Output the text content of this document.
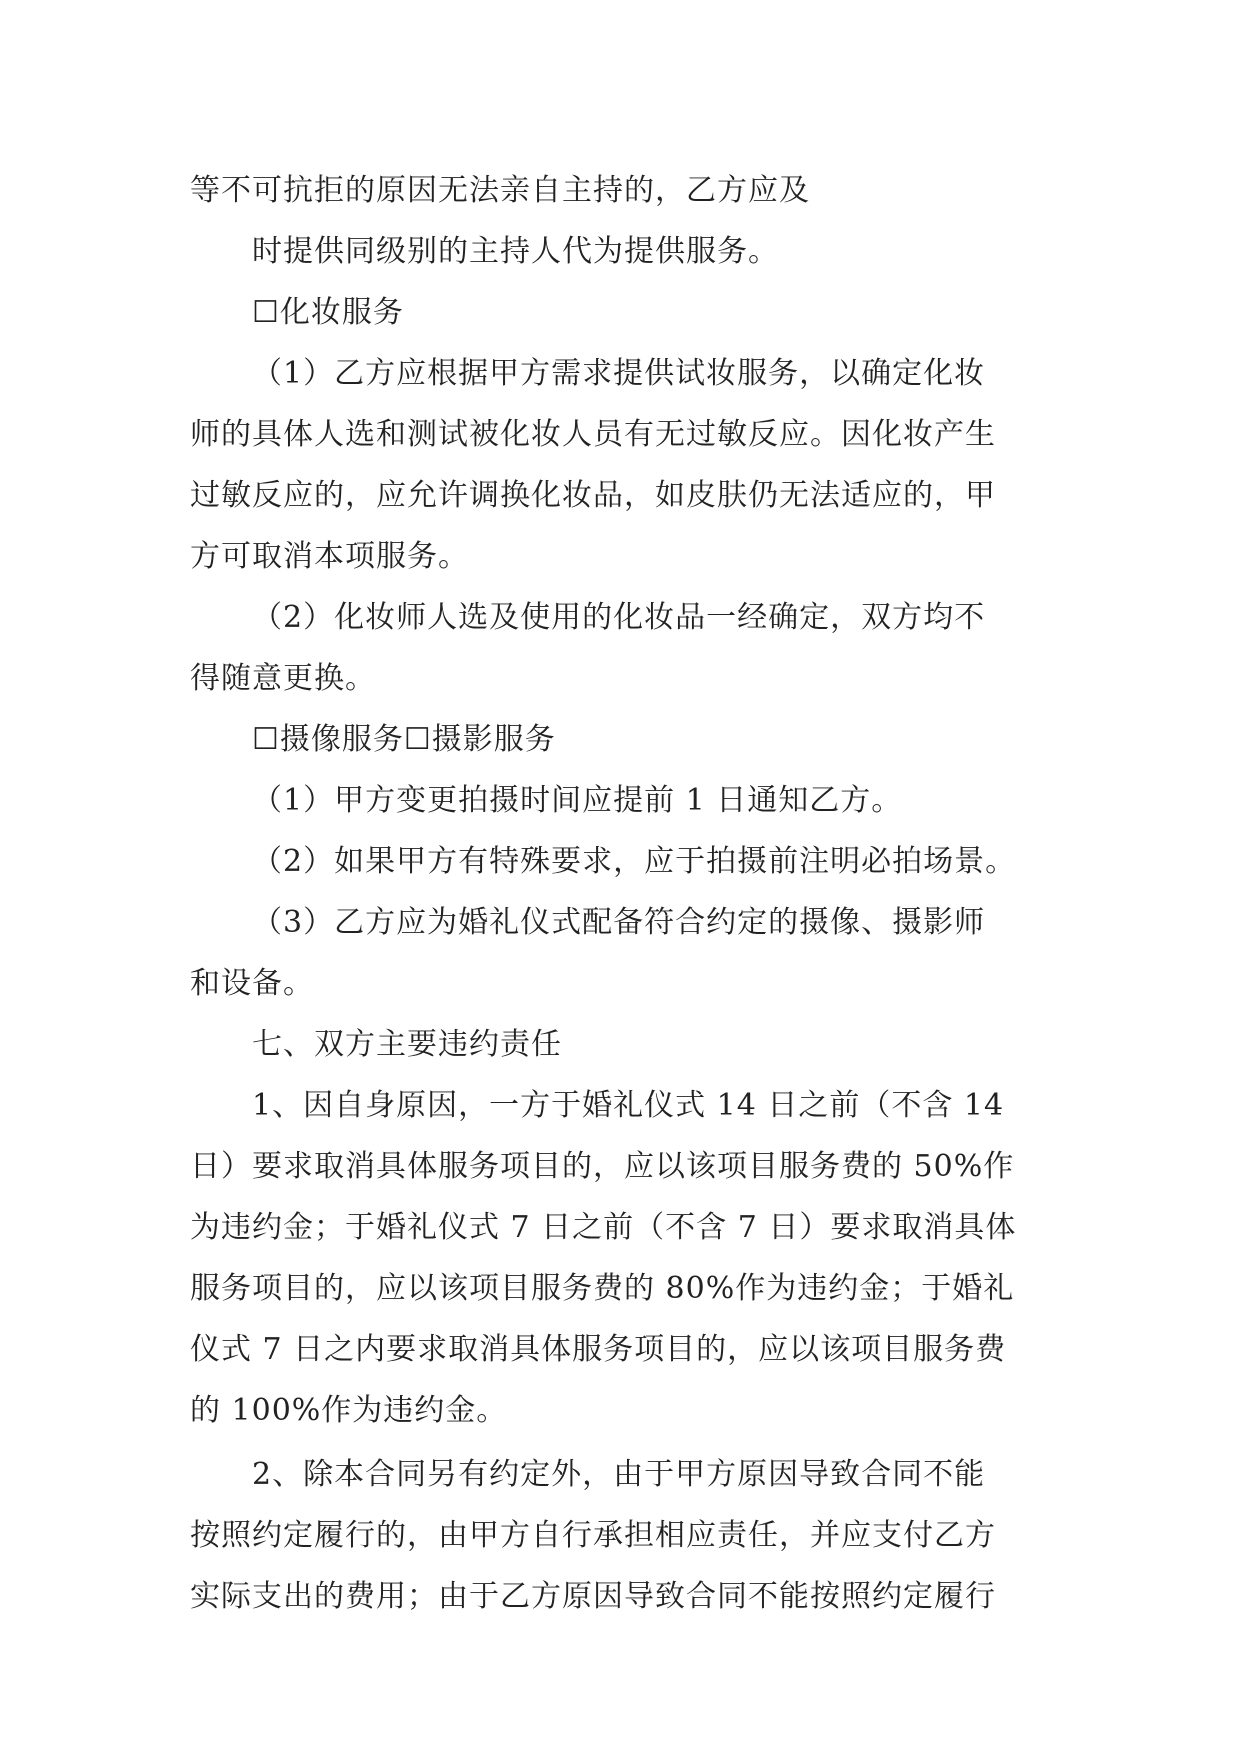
等不可抗拒的原因无法亲自主持的，乙方应及
时提供同级别的主持人代为提供服务。
☐化妆服务
（1）乙方应根据甲方需求提供试妆服务，以确定化妆
师的具体人选和测试被化妆人员有无过敏反应。因化妆产生
过敏反应的，应允许调换化妆品，如皮肤仍无法适应的，甲
方可取消本项服务。
（2）化妆师人选及使用的化妆品一经确定，双方均不
得随意更换。
☐摄像服务☐摄影服务
（1）甲方变更拍摄时间应提前 1 日通知乙方。
（2）如果甲方有特殊要求，应于拍摄前注明必拍场景。
（3）乙方应为婚礼仪式配备符合约定的摄像、摄影师
和设备。
七、双方主要违约责任
1、因自身原因，一方于婚礼仪式 14 日之前（不含 14
日）要求取消具体服务项目的，应以该项目服务费的 50%作
为违约金；于婚礼仪式 7 日之前（不含 7 日）要求取消具体
服务项目的，应以该项目服务费的 80%作为违约金；于婚礼
仪式 7 日之内要求取消具体服务项目的，应以该项目服务费
的 100%作为违约金。
2、除本合同另有约定外，由于甲方原因导致合同不能
按照约定履行的，由甲方自行承担相应责任，并应支付乙方
实际支出的费用；由于乙方原因导致合同不能按照约定履行
